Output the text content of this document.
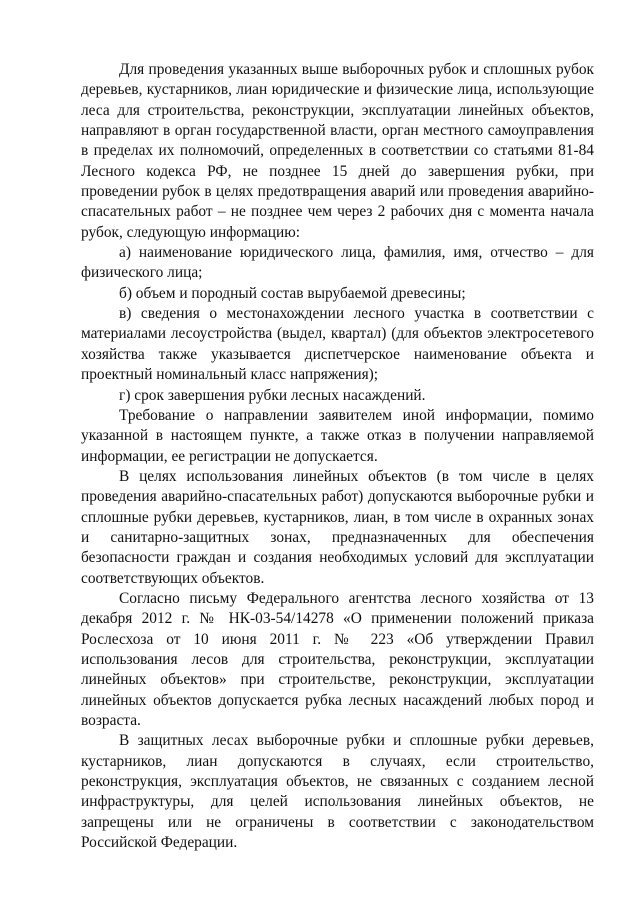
Для проведения указанных выше выборочных рубок и сплошных рубок деревьев, кустарников, лиан юридические и физические лица, использующие леса для строительства, реконструкции, эксплуатации линейных объектов, направляют в орган государственной власти, орган местного самоуправления в пределах их полномочий, определенных в соответствии со статьями 81-84 Лесного кодекса РФ, не позднее 15 дней до завершения рубки, при проведении рубок в целях предотвращения аварий или проведения аварийно-спасательных работ – не позднее чем через 2 рабочих дня с момента начала рубок, следующую информацию:

а) наименование юридического лица, фамилия, имя, отчество – для физического лица;

б) объем и породный состав вырубаемой древесины;

в) сведения о местонахождении лесного участка в соответствии с материалами лесоустройства (выдел, квартал) (для объектов электросетевого хозяйства также указывается диспетчерское наименование объекта и проектный номинальный класс напряжения);

г) срок завершения рубки лесных насаждений.

Требование о направлении заявителем иной информации, помимо указанной в настоящем пункте, а также отказ в получении направляемой информации, ее регистрации не допускается.

В целях использования линейных объектов (в том числе в целях проведения аварийно-спасательных работ) допускаются выборочные рубки и сплошные рубки деревьев, кустарников, лиан, в том числе в охранных зонах и санитарно-защитных зонах, предназначенных для обеспечения безопасности граждан и создания необходимых условий для эксплуатации соответствующих объектов.

Согласно письму Федерального агентства лесного хозяйства от 13 декабря 2012 г. № НК-03-54/14278 «О применении положений приказа Рослесхоза от 10 июня 2011 г. № 223 «Об утверждении Правил использования лесов для строительства, реконструкции, эксплуатации линейных объектов» при строительстве, реконструкции, эксплуатации линейных объектов допускается рубка лесных насаждений любых пород и возраста.

В защитных лесах выборочные рубки и сплошные рубки деревьев, кустарников, лиан допускаются в случаях, если строительство, реконструкция, эксплуатация объектов, не связанных с созданием лесной инфраструктуры, для целей использования линейных объектов, не запрещены или не ограничены в соответствии с законодательством Российской Федерации.
